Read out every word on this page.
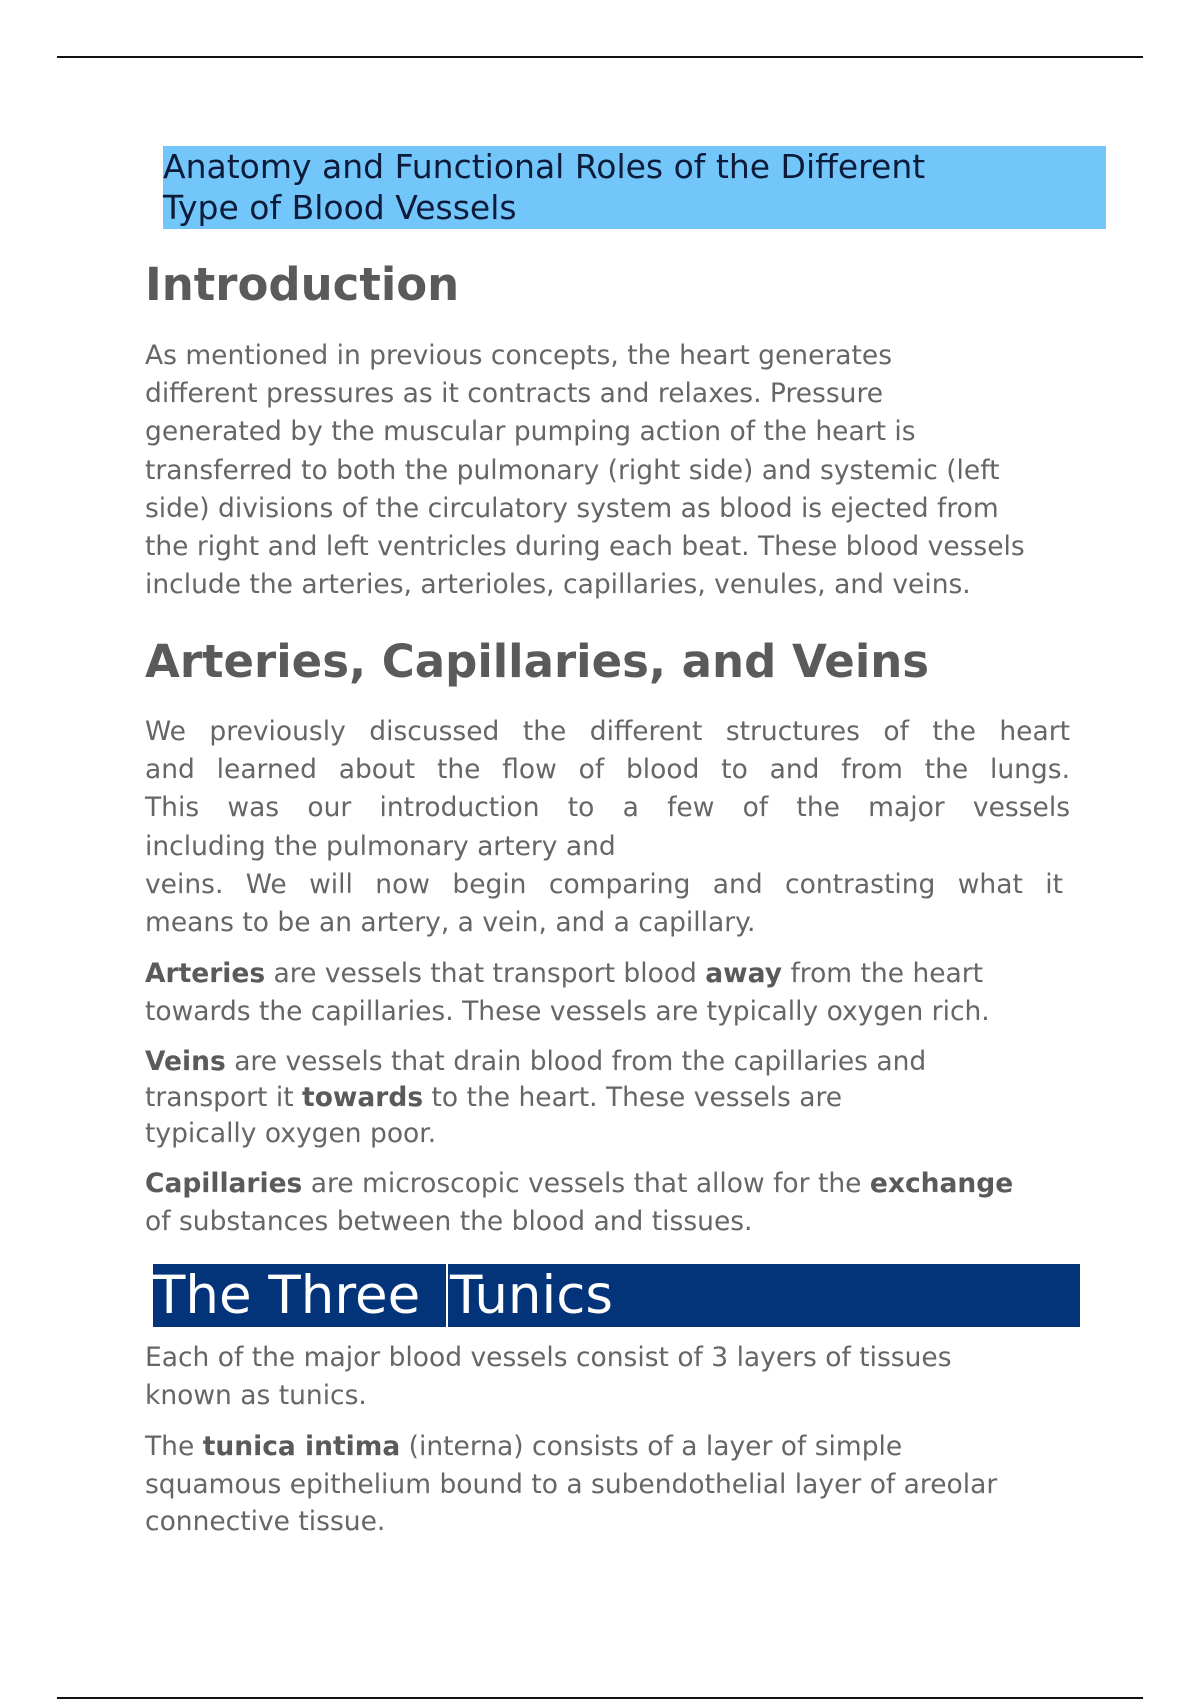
Anatomy and Functional Roles of the Different
Type of Blood Vessels
Introduction
As mentioned in previous concepts, the heart generates
different pressures as it contracts and relaxes. Pressure
generated by the muscular pumping action of the heart is
transferred to both the pulmonary (right side) and systemic (left
side) divisions of the circulatory system as blood is ejected from
the right and left ventricles during each beat. These blood vessels
include the arteries, arterioles, capillaries, venules, and veins.
Arteries, Capillaries, and Veins
We previously discussed the different structures of the heart
and learned about the flow of blood to and from the lungs.
This was our introduction to a few of the major vessels
including the pulmonary artery and
veins. We will now begin comparing and contrasting what it
means to be an artery, a vein, and a capillary.
Arteries are vessels that transport blood away from the heart
towards the capillaries. These vessels are typically oxygen rich.
Veins are vessels that drain blood from the capillaries and
transport it towards to the heart. These vessels are
typically oxygen poor.
Capillaries are microscopic vessels that allow for the exchange
of substances between the blood and tissues.
The Three Tunics
Each of the major blood vessels consist of 3 layers of tissues
known as tunics.
The tunica intima (interna) consists of a layer of simple
squamous epithelium bound to a subendothelial layer of areolar
connective tissue.
